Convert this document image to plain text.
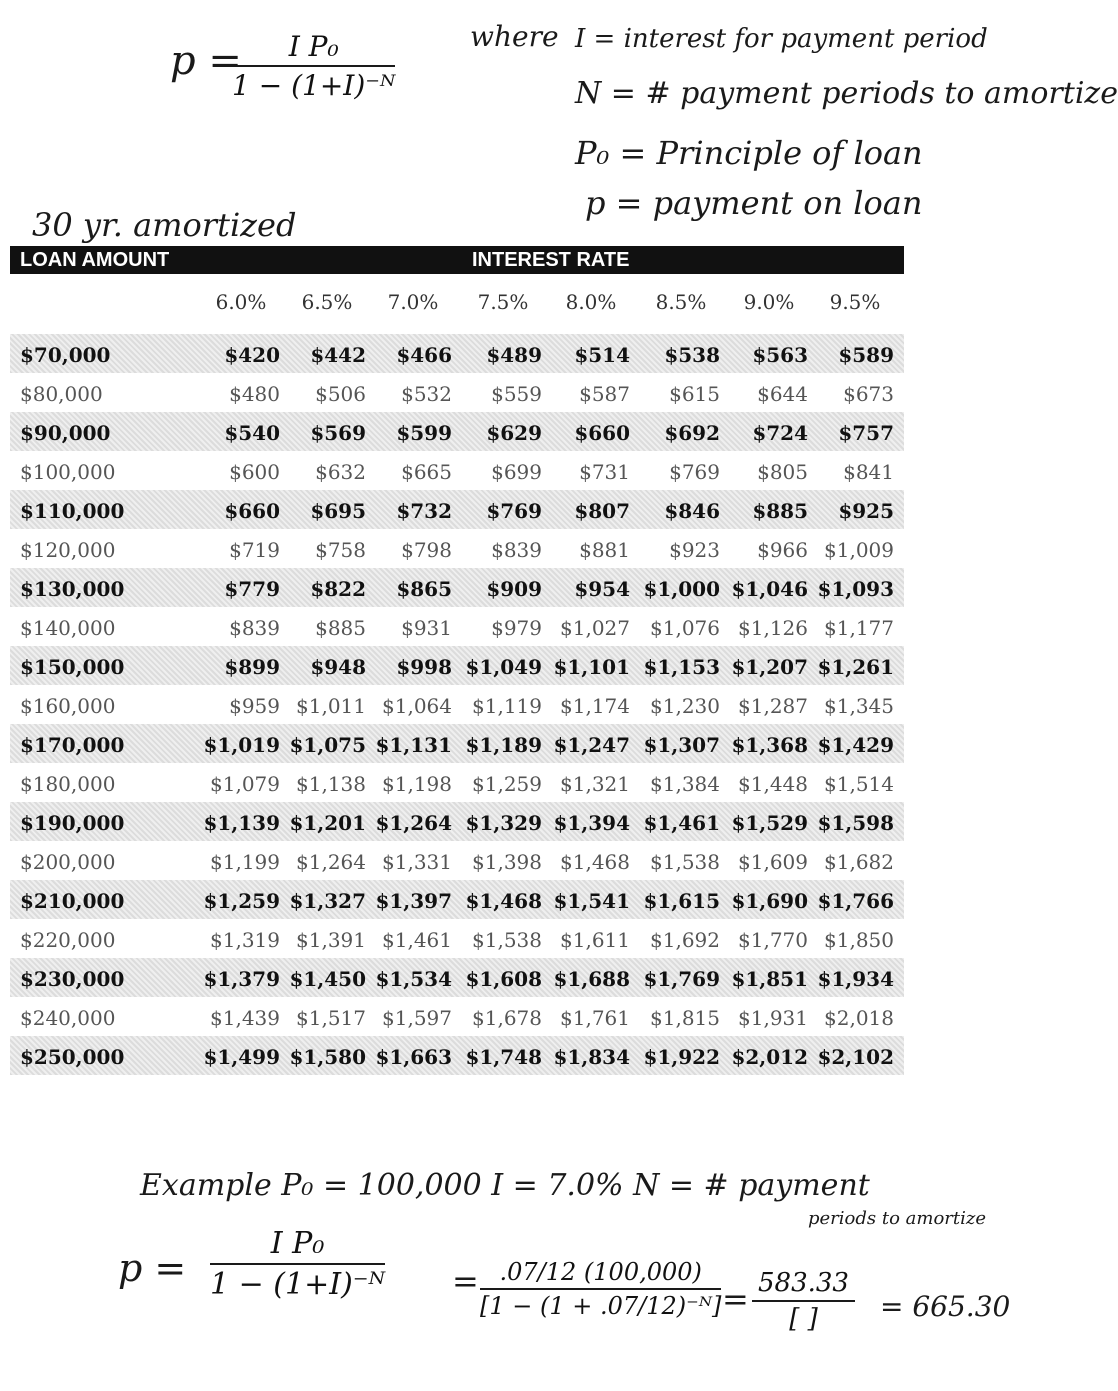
p =
$\frac{\text{I P₀}}{\text{1 − (1+I)⁻ᴺ}}$	where I = interest for payment period
N = # payment periods to amortize
P₀ = Principle of loan
p = payment on loan
30 yr. amortized
LOAN AMOUNT	INTEREST RATE
6.0%	6.5%	7.0%	7.5%	8.0%	8.5%	9.0%	9.5%
$70,000	$420	$442	$466	$489	$514	$538	$563	$589
$80,000	$480	$506	$532	$559	$587	$615	$644	$673
$90,000	$540	$569	$599	$629	$660	$692	$724	$757
$100,000	$600	$632	$665	$699	$731	$769	$805	$841
$110,000	$660	$695	$732	$769	$807	$846	$885	$925
$120,000	$719	$758	$798	$839	$881	$923	$966 $1,009
$130,000	$779	$822	$865	$909	$954 $1,000 $1,046 $1,093
$140,000	$839	$885	$931	$979 $1,027	$1,076 $1,126 $1,177
$150,000	$899	$948	$998 $1,049 $1,101 $1,153 $1,207 $1,261
$160,000	$959 $1,011 $1,064	$1,119 $1,174	$1,230 $1,287 $1,345
$170,000	$1,019 $1,075 $1,131 $1,189 $1,247 $1,307 $1,368 $1,429
$180,000	$1,079 $1,138 $1,198	$1,259 $1,321	$1,384 $1,448 $1,514
$190,000	$1,139 $1,201 $1,264 $1,329 $1,394 $1,461 $1,529 $1,598
$200,000	$1,199 $1,264 $1,331	$1,398 $1,468	$1,538 $1,609 $1,682
$210,000	$1,259 $1,327 $1,397 $1,468 $1,541 $1,615 $1,690 $1,766
$220,000	$1,319 $1,391 $1,461	$1,538 $1,611	$1,692 $1,770 $1,850
$230,000	$1,379 $1,450 $1,534 $1,608 $1,688 $1,769 $1,851 $1,934
$240,000	$1,439 $1,517 $1,597	$1,678 $1,761	$1,815 $1,931 $2,018
$250,000	$1,499 $1,580 $1,663 $1,748 $1,834 $1,922 $2,012 $2,102
Example P₀ = 100,000 I = 7.0% N = # payment
periods to amortize
$p = \frac{\text{I P₀}}{\text{1 − (1+I)⁻ᴺ}} = \frac{.07/12 (100,000)}{\text{[1 − (1 + .07/12)⁻ᴺ]}} = 583.33$
[ ]	= 665.30
